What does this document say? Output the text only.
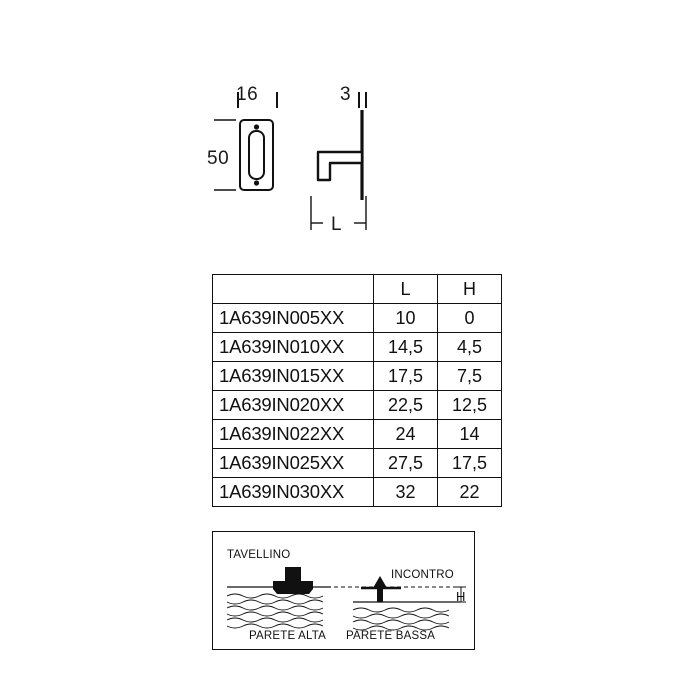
16	3
50
L
	L	H
1A639IN005XX	10	0
1A639IN010XX	14,5	4,5
1A639IN015XX	17,5	7,5
1A639IN020XX	22,5	12,5
1A639IN022XX	24	14
1A639IN025XX	27,5	17,5
1A639IN030XX	32	22
TAVELLINO
INCONTRO
PARETE ALTA PARETE BASSA
H
